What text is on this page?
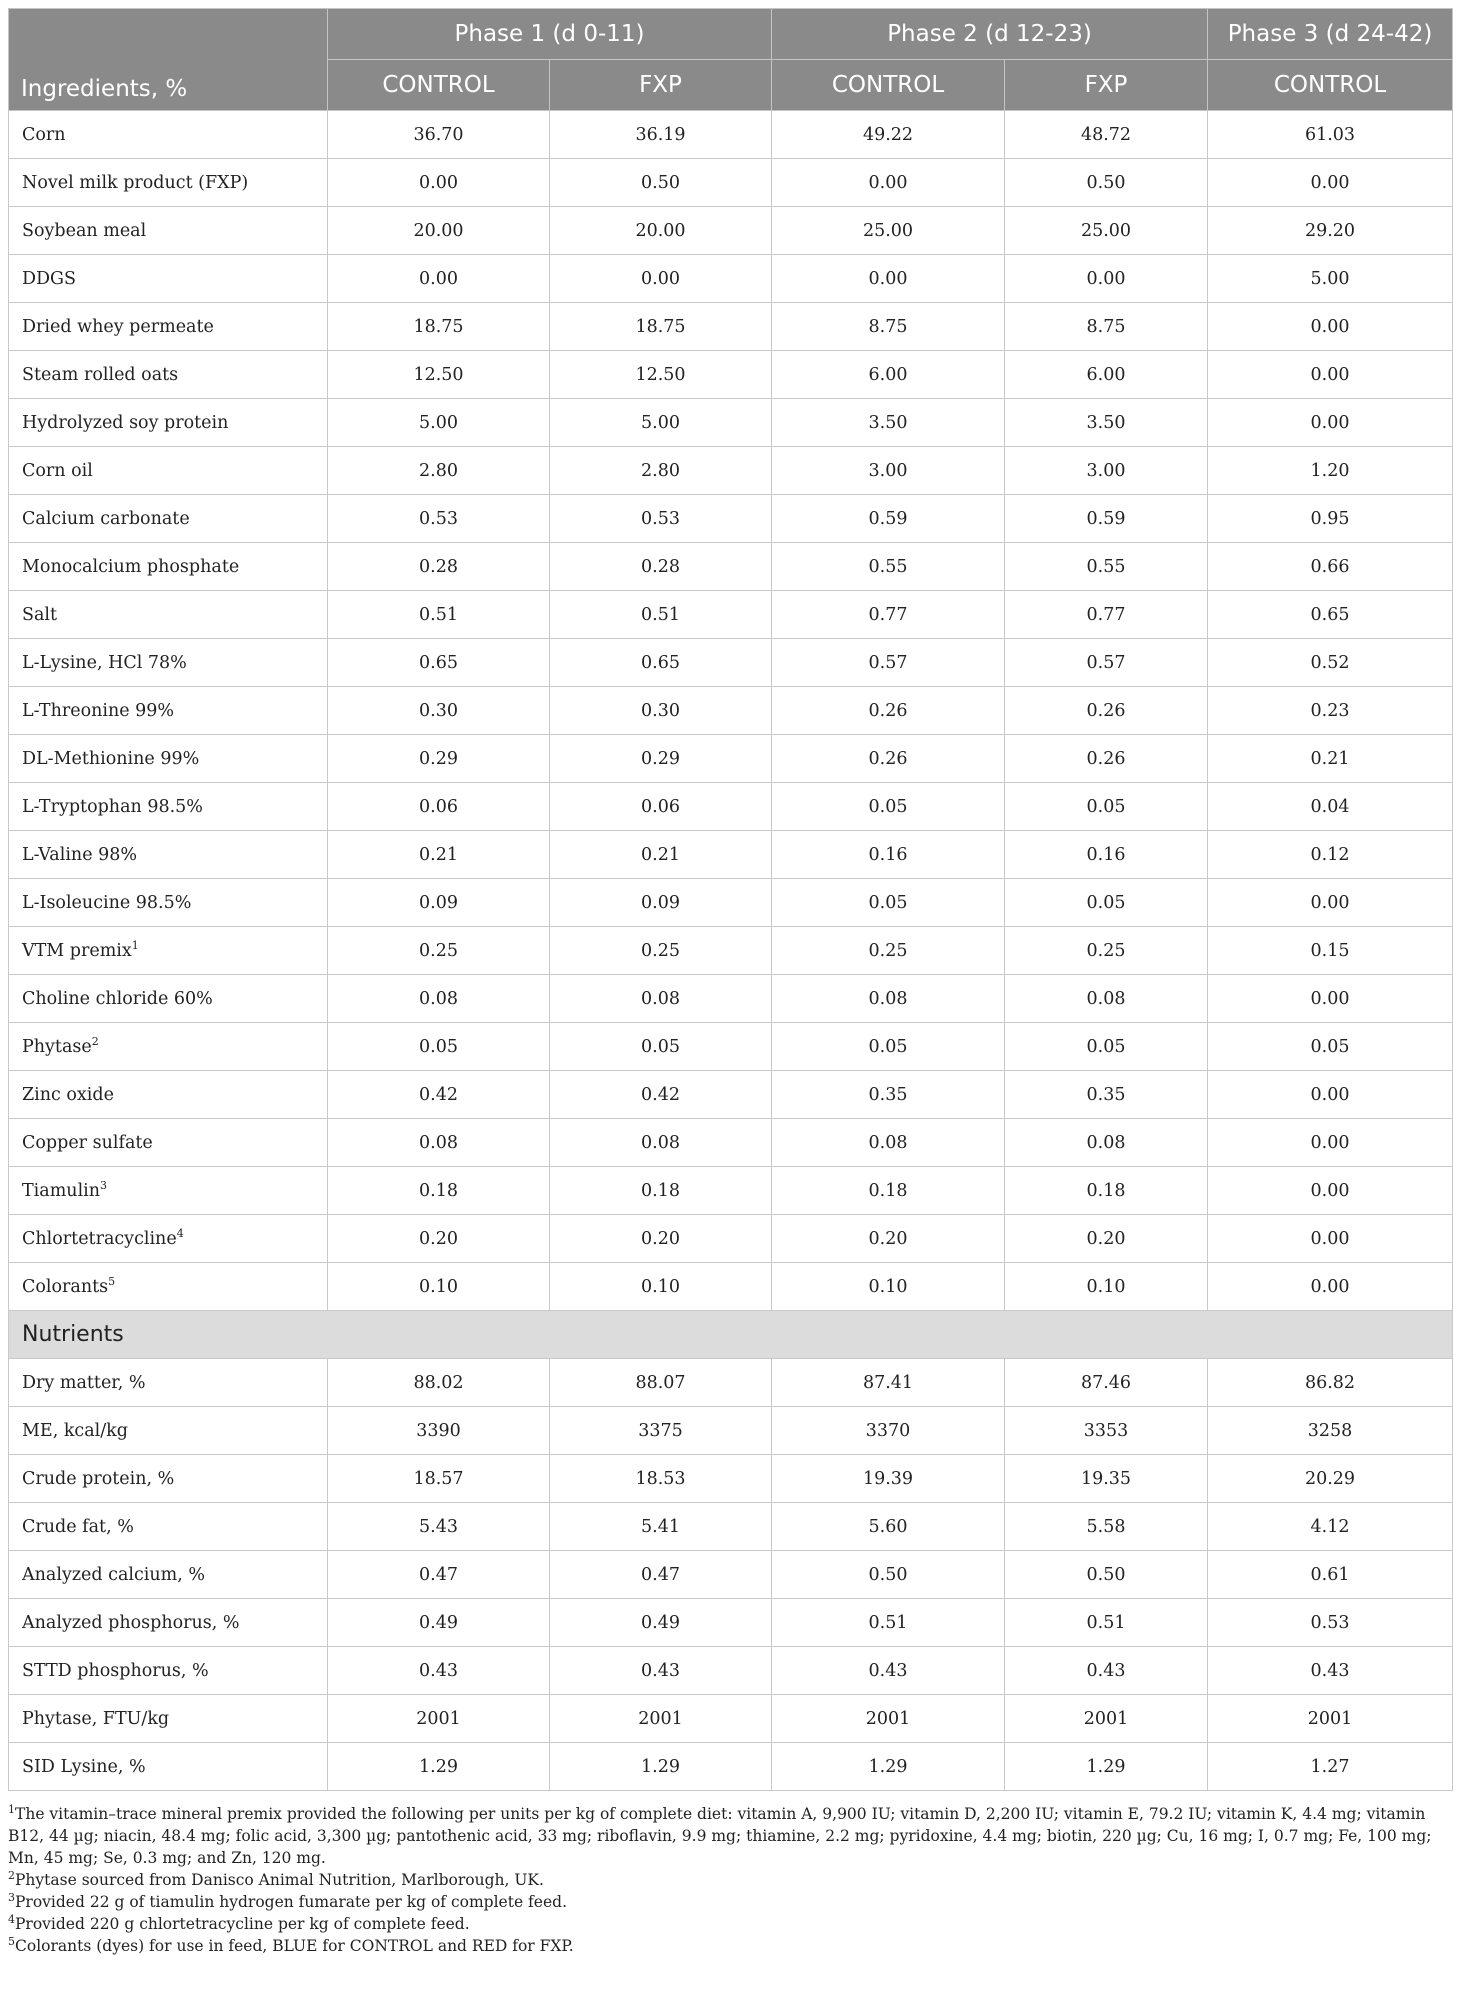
Ingredients, %	Phase 1 (d 0-11)		Phase 2 (d 12-23)		Phase 3 (d 24-42)
	CONTROL	FXP	CONTROL	FXP	CONTROL
Corn	36.70	36.19	49.22	48.72	61.03
Novel milk product (FXP)	0.00	0.50	0.00	0.50	0.00
Soybean meal	20.00	20.00	25.00	25.00	29.20
DDGS	0.00	0.00	0.00	0.00	5.00
Dried whey permeate	18.75	18.75	8.75	8.75	0.00
Steam rolled oats	12.50	12.50	6.00	6.00	0.00
Hydrolyzed soy protein	5.00	5.00	3.50	3.50	0.00
Corn oil	2.80	2.80	3.00	3.00	1.20
Calcium carbonate	0.53	0.53	0.59	0.59	0.95
Monocalcium phosphate	0.28	0.28	0.55	0.55	0.66
Salt	0.51	0.51	0.77	0.77	0.65
L-Lysine, HCl 78%	0.65	0.65	0.57	0.57	0.52
L-Threonine 99%	0.30	0.30	0.26	0.26	0.23
DL-Methionine 99%	0.29	0.29	0.26	0.26	0.21
L-Tryptophan 98.5%	0.06	0.06	0.05	0.05	0.04
L-Valine 98%	0.21	0.21	0.16	0.16	0.12
L-Isoleucine 98.5%	0.09	0.09	0.05	0.05	0.00
VTM premix$^1$	0.25	0.25	0.25	0.25	0.15
Choline chloride 60%	0.08	0.08	0.08	0.08	0.00
Phytase$^2$	0.05	0.05	0.05	0.05	0.05
Zinc oxide	0.42	0.42	0.35	0.35	0.00
Copper sulfate	0.08	0.08	0.08	0.08	0.00
Tiamulin$^3$	0.18	0.18	0.18	0.18	0.00
Chlortetracycline$^4$	0.20	0.20	0.20	0.20	0.00
Colorants$^5$	0.10	0.10	0.10	0.10	0.00
Nutrients					
Dry matter, %	88.02	88.07	87.41	87.46	86.82
ME, kcal/kg	3390	3375	3370	3353	3258
Crude protein, %	18.57	18.53	19.39	19.35	20.29
Crude fat, %	5.43	5.41	5.60	5.58	4.12
Analyzed calcium, %	0.47	0.47	0.50	0.50	0.61
Analyzed phosphorus, %	0.49	0.49	0.51	0.51	0.53
STTD phosphorus, %	0.43	0.43	0.43	0.43	0.43
Phytase, FTU/kg	2001	2001	2001	2001	2001
SID Lysine, %	1.29	1.29	1.29	1.29	1.27

$^1$The vitamin–trace mineral premix provided the following per units per kg of complete diet: vitamin A, 9,900 IU; vitamin D, 2,200 IU; vitamin E, 79.2 IU; vitamin K, 4.4 mg; vitamin B12, 44 µg; niacin, 48.4 mg; folic acid, 3,300 µg; pantothenic acid, 33 mg; riboflavin, 9.9 mg; thiamine, 2.2 mg; pyridoxine, 4.4 mg; biotin, 220 µg; Cu, 16 mg; I, 0.7 mg; Fe, 100 mg; Mn, 45 mg; Se, 0.3 mg; and Zn, 120 mg.

$^2$Phytase sourced from Danisco Animal Nutrition, Marlborough, UK.

$^3$Provided 22 g of tiamulin hydrogen fumarate per kg of complete feed.

$^4$Provided 220 g chlortetracycline per kg of complete feed.

$^5$Colorants (dyes) for use in feed, BLUE for CONTROL and RED for FXP.
